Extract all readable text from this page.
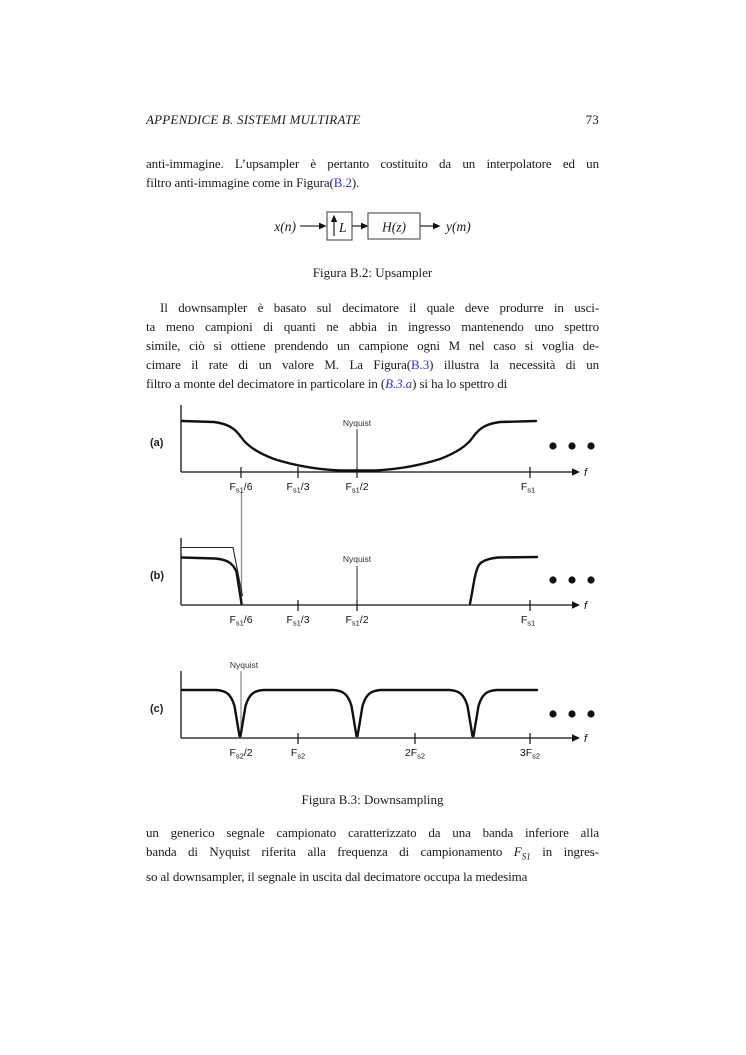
APPENDICE B. SISTEMI MULTIRATE	73
anti-immagine. L’upsampler è pertanto costituito da un interpolatore ed un
filtro anti-immagine come in Figura(B.2).
x(n)	L	H(z)	y(m)
Figura B.2: Upsampler
Il downsampler è basato sul decimatore il quale deve produrre in usci-
ta meno campioni di quanti ne abbia in ingresso mantenendo uno spettro
simile, ciò si ottiene prendendo un campione ogni M nel caso si voglia de-
cimare il rate di un valore M. La Figura(B.3) illustra la necessità di un
filtro a monte del decimatore in particolare in (B.3.a) si ha lo spettro di
(a)
f
$F_{s1}/6$	$F_{s1}/3$	$F_{s1}/2$	$F_{s1}$
Nyquist
(b)
f
$F_{s1}/6$	$F_{s1}/3$	$F_{s1}/2$	$F_{s1}$
Nyquist
(c)
f
$F_{s2}/2$	$F_{s2}$	$2F_{s2}$	$3F_{s2}$
Nyquist
Figura B.3: Downsampling
un generico segnale campionato caratterizzato da una banda inferiore alla
banda di Nyquist riferita alla frequenza di campionamento $F_{S1}$ in ingres-
so al downsampler, il segnale in uscita dal decimatore occupa la medesima
